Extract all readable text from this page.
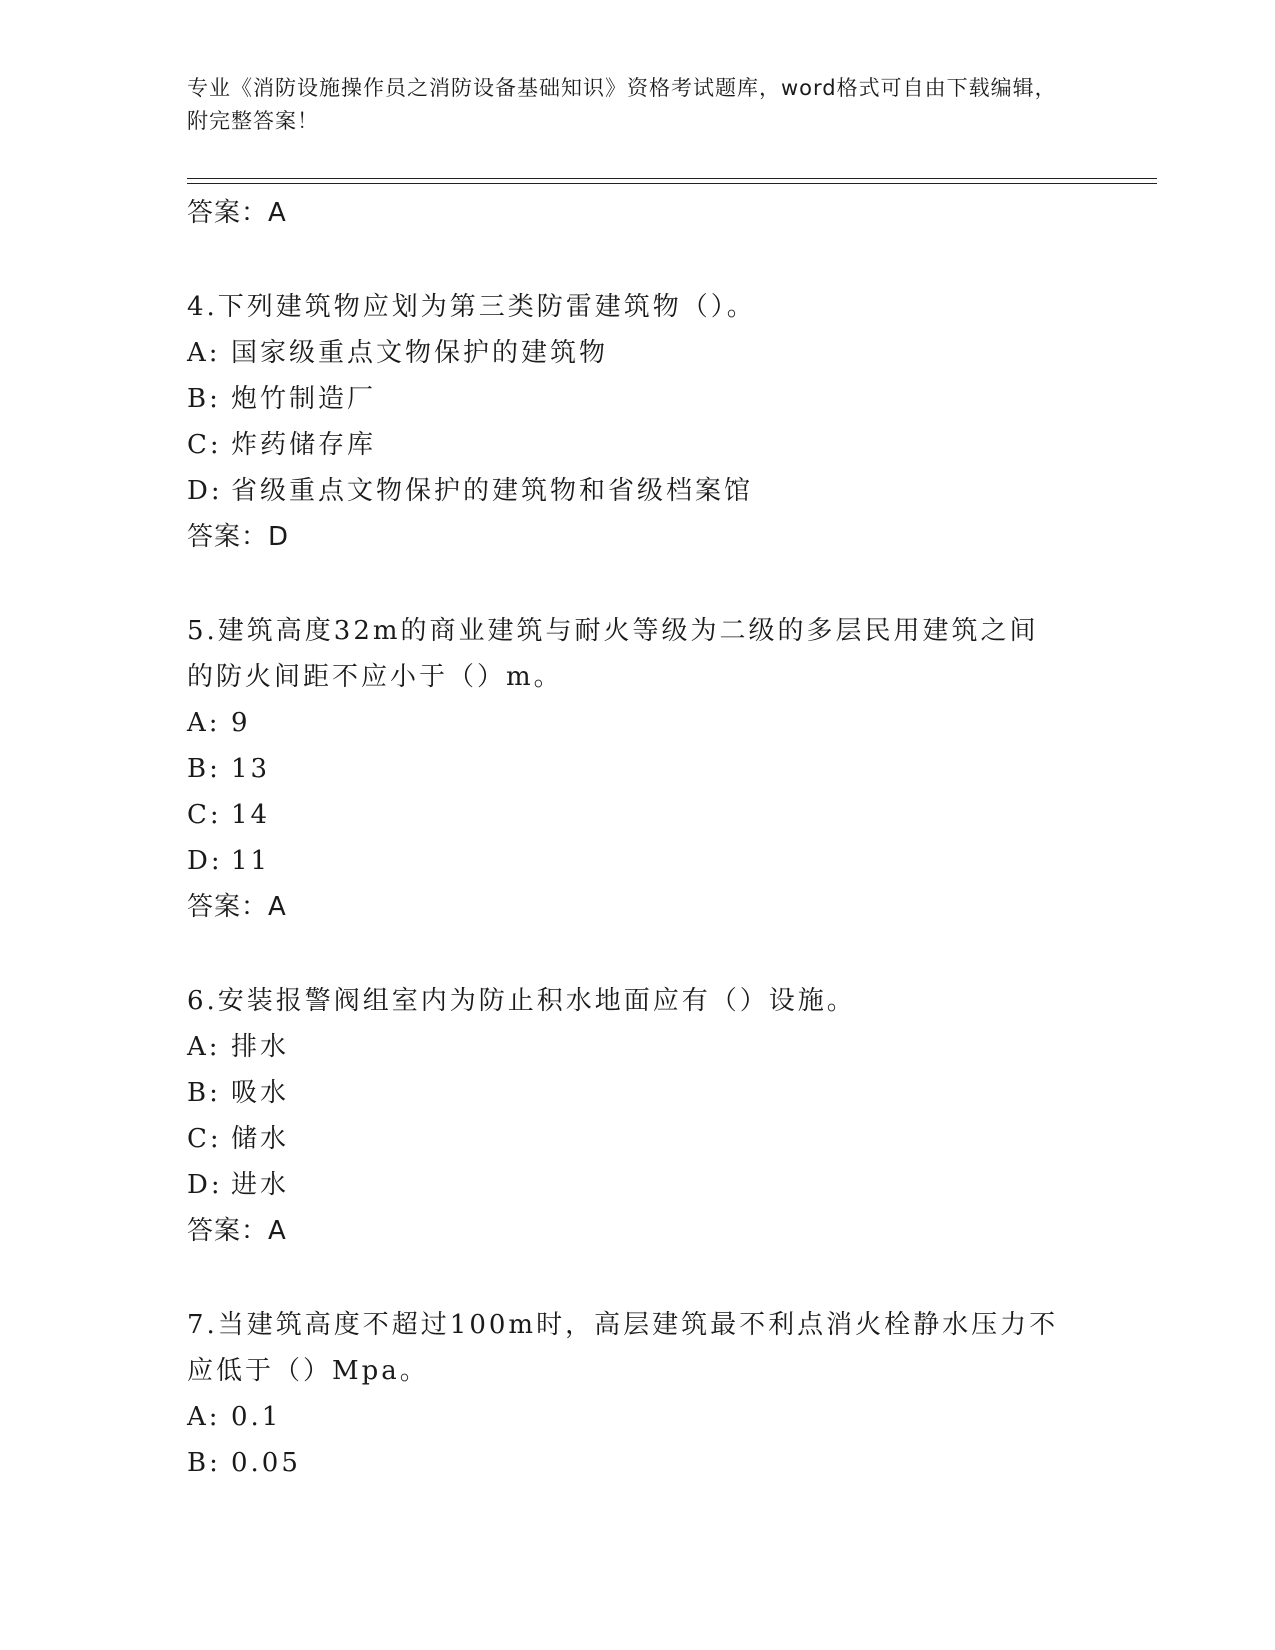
专业《消防设施操作员之消防设备基础知识》资格考试题库，word格式可自由下载编辑，附完整答案！
答案：A
4.下列建筑物应划为第三类防雷建筑物（）。
A: 国家级重点文物保护的建筑物
B: 炮竹制造厂
C: 炸药储存库
D: 省级重点文物保护的建筑物和省级档案馆
答案：D
5.建筑高度32m的商业建筑与耐火等级为二级的多层民用建筑之间的防火间距不应小于（）m。
A: 9
B: 13
C: 14
D: 11
答案：A
6.安装报警阀组室内为防止积水地面应有（）设施。
A: 排水
B: 吸水
C: 储水
D: 进水
答案：A
7.当建筑高度不超过100m时，高层建筑最不利点消火栓静水压力不应低于（）Mpa。
A: 0.1
B: 0.05
